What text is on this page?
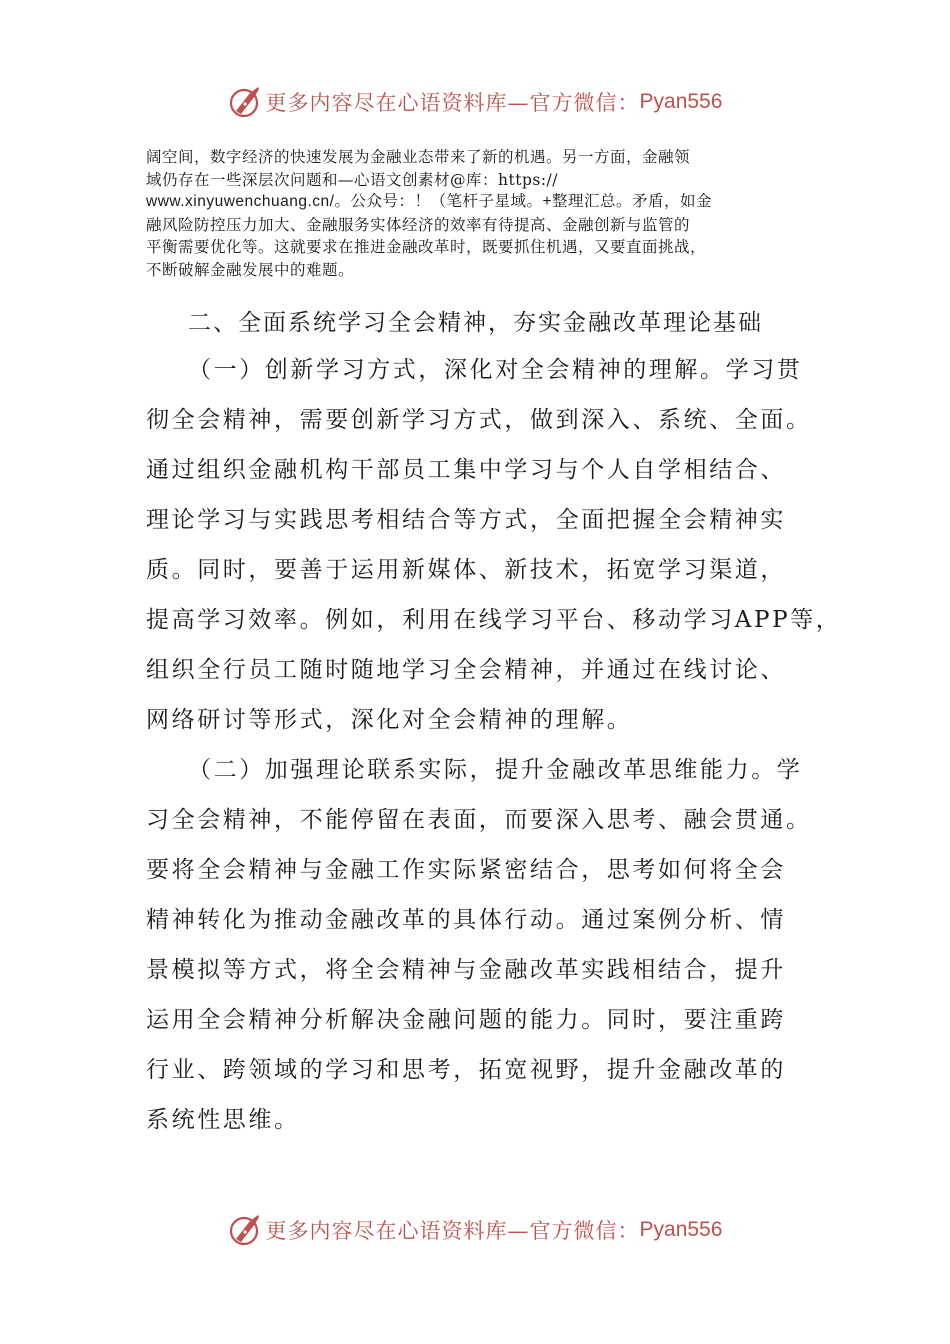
更多内容尽在心语资料库—官方微信： Pyan556

阔空间，数字经济的快速发展为金融业态带来了新的机遇。另一方面，金融领

域仍存在一些深层次问题和—心语文创素材@库：https://

www.xinyuwenchuang.cn/。公众号：！（笔杆子星域。+整理汇总。矛盾，如金

融风险防控压力加大、金融服务实体经济的效率有待提高、金融创新与监管的

平衡需要优化等。这就要求在推进金融改革时，既要抓住机遇，又要直面挑战，

不断破解金融发展中的难题。

二、全面系统学习全会精神，夯实金融改革理论基础

（一）创新学习方式，深化对全会精神的理解。学习贯

彻全会精神，需要创新学习方式，做到深入、系统、全面。

通过组织金融机构干部员工集中学习与个人自学相结合、

理论学习与实践思考相结合等方式，全面把握全会精神实

质。同时，要善于运用新媒体、新技术，拓宽学习渠道，

提高学习效率。例如，利用在线学习平台、移动学习APP等，

组织全行员工随时随地学习全会精神，并通过在线讨论、

网络研讨等形式，深化对全会精神的理解。

（二）加强理论联系实际，提升金融改革思维能力。学

习全会精神，不能停留在表面，而要深入思考、融会贯通。

要将全会精神与金融工作实际紧密结合，思考如何将全会

精神转化为推动金融改革的具体行动。通过案例分析、情

景模拟等方式，将全会精神与金融改革实践相结合，提升

运用全会精神分析解决金融问题的能力。同时，要注重跨

行业、跨领域的学习和思考，拓宽视野，提升金融改革的

系统性思维。

更多内容尽在心语资料库—官方微信： Pyan556
